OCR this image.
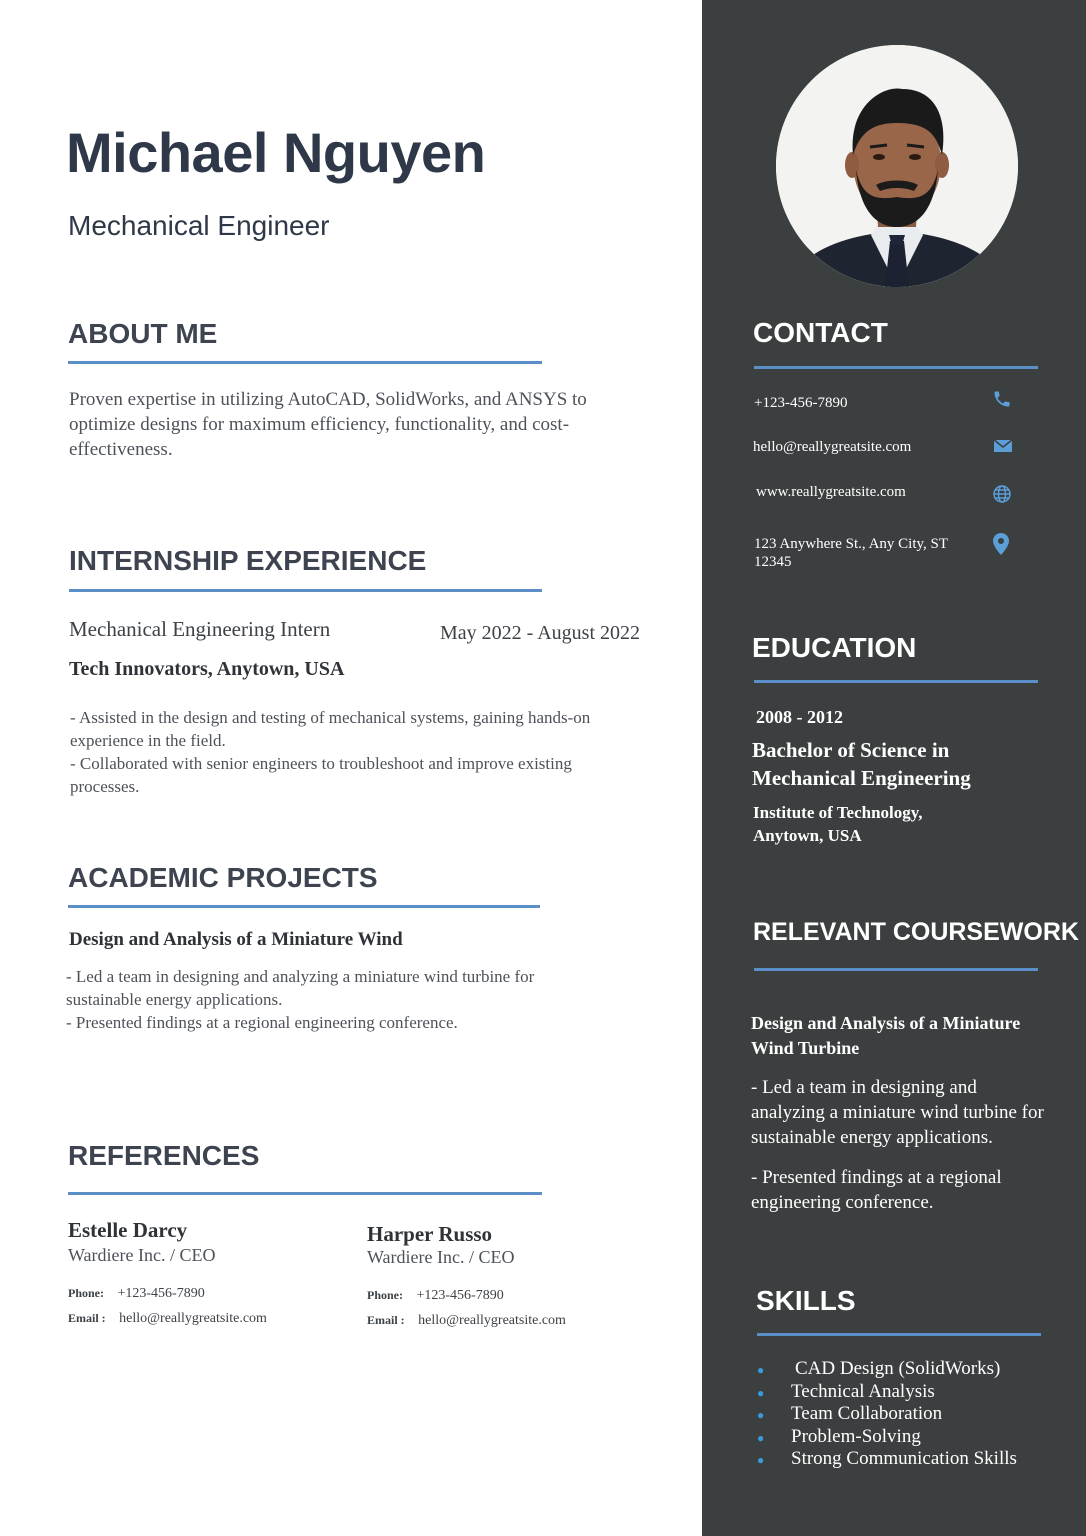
Michael Nguyen
Mechanical Engineer
ABOUT ME
Proven expertise in utilizing AutoCAD, SolidWorks, and ANSYS to
optimize designs for maximum efficiency, functionality, and cost-
effectiveness.
INTERNSHIP EXPERIENCE
Mechanical Engineering Intern	May 2022 - August 2022
Tech Innovators, Anytown, USA
- Assisted in the design and testing of mechanical systems, gaining hands-on
experience in the field.
- Collaborated with senior engineers to troubleshoot and improve existing
processes.
ACADEMIC PROJECTS
Design and Analysis of a Miniature Wind
- Led a team in designing and analyzing a miniature wind turbine for
sustainable energy applications.
- Presented findings at a regional engineering conference.
REFERENCES
Estelle Darcy
Wardiere Inc. / CEO
Phone: +123-456-7890
Email : hello@reallygreatsite.com
Harper Russo
Wardiere Inc. / CEO
Phone: +123-456-7890
Email : hello@reallygreatsite.com
CONTACT
+123-456-7890
hello@reallygreatsite.com
www.reallygreatsite.com
123 Anywhere St., Any City, ST
12345
EDUCATION
2008 - 2012
Bachelor of Science in
Mechanical Engineering
Institute of Technology,
Anytown, USA
RELEVANT COURSEWORK
Design and Analysis of a Miniature
Wind Turbine
- Led a team in designing and
analyzing a miniature wind turbine for
sustainable energy applications.
- Presented findings at a regional
engineering conference.
SKILLS
● CAD Design (SolidWorks)
● Technical Analysis
● Team Collaboration
● Problem-Solving
● Strong Communication Skills
